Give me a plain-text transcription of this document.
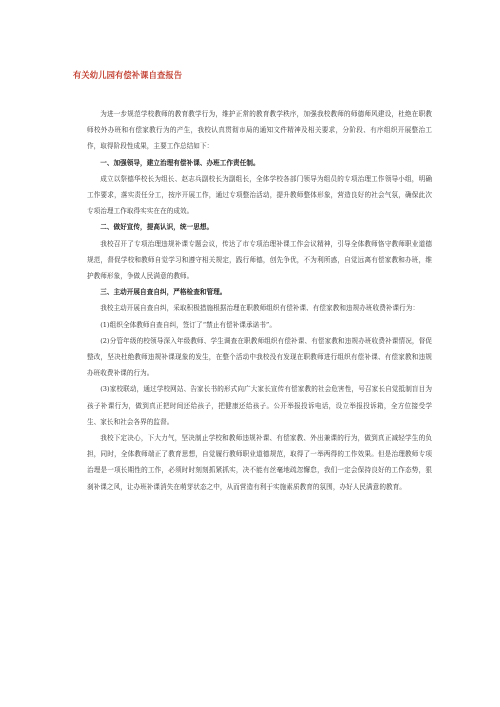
有关幼儿园有偿补课自查报告

为进一步规范学校教师的教育教学行为，维护正常的教育教学秩序，加强我校教师的师德师风建设，杜绝在职教师校外办班和有偿家教行为的产生，我校认真贯彻市局的通知文件精神及相关要求，分阶段、有序组织开展整治工作，取得阶段性成果，主要工作总结如下：

一、加强领导，建立治理有偿补课、办班工作责任制。

成立以祭德华校长为组长、赵志兵副校长为副组长，全体学校各部门领导为组员的专项治理工作领导小组，明确工作要求，落实责任分工，按序开展工作，通过专项整治活动，提升教师整体形象，营造良好的社会气氛，确保此次专项治理工作取得实实在在的成效。

二、做好宣传，提高认识，统一思想。

我校召开了专项治理违规补课专题会议，传达了市专项治理补课工作会议精神，引导全体教师恪守教师职业道德规范，督促学校和教师自觉学习和遵守相关规定，践行师德，创先争优，不为利所惑，自觉远离有偿家教和办班，维护教师形象，争做人民满意的教师。

三、主动开展自查自纠，严格检查和管理。

我校主动开展自查自纠，采取积极措施根据治理在职教师组织有偿补课、有偿家教和违规办班收费补课行为：

(1)组织全体教师自查自纠，签订了“禁止有偿补课承诺书”。

(2)分管年级的校领导深入年级教师、学生调查在职教师组织有偿补课、有偿家教和违规办班收费补课情况，督促整改，坚决杜绝教师违规补课现象的发生，在整个活动中我校没有发现在职教师进行组织有偿补课、有偿家教和违规办班收费补课的行为。

(3)家校联动，通过学校网站、告家长书的形式向广大家长宣传有偿家教的社会危害性，号召家长自觉抵制盲目为孩子补课行为，做到真正把时间还给孩子，把健康还给孩子。公开举报投诉电话，设立举报投诉箱，全方位接受学生、家长和社会各界的监督。

我校下定决心，下大力气，坚决制止学校和教师违规补课、有偿家教、外出兼课的行为，做到真正减轻学生的负担，同时，全体教师端正了教育思想，自觉履行教师职业道德规范，取得了一举两得的工作效果。但是治理教师专项治理是一项长期性的工作，必须时时刻刻抓紧抓实，决不能有丝毫地疏忽懈怠，我们一定会保持良好的工作态势，狠刹补课之风，让办班补课消失在萌芽状态之中，从而营造有利于实施素质教育的氛围，办好人民满意的教育。
